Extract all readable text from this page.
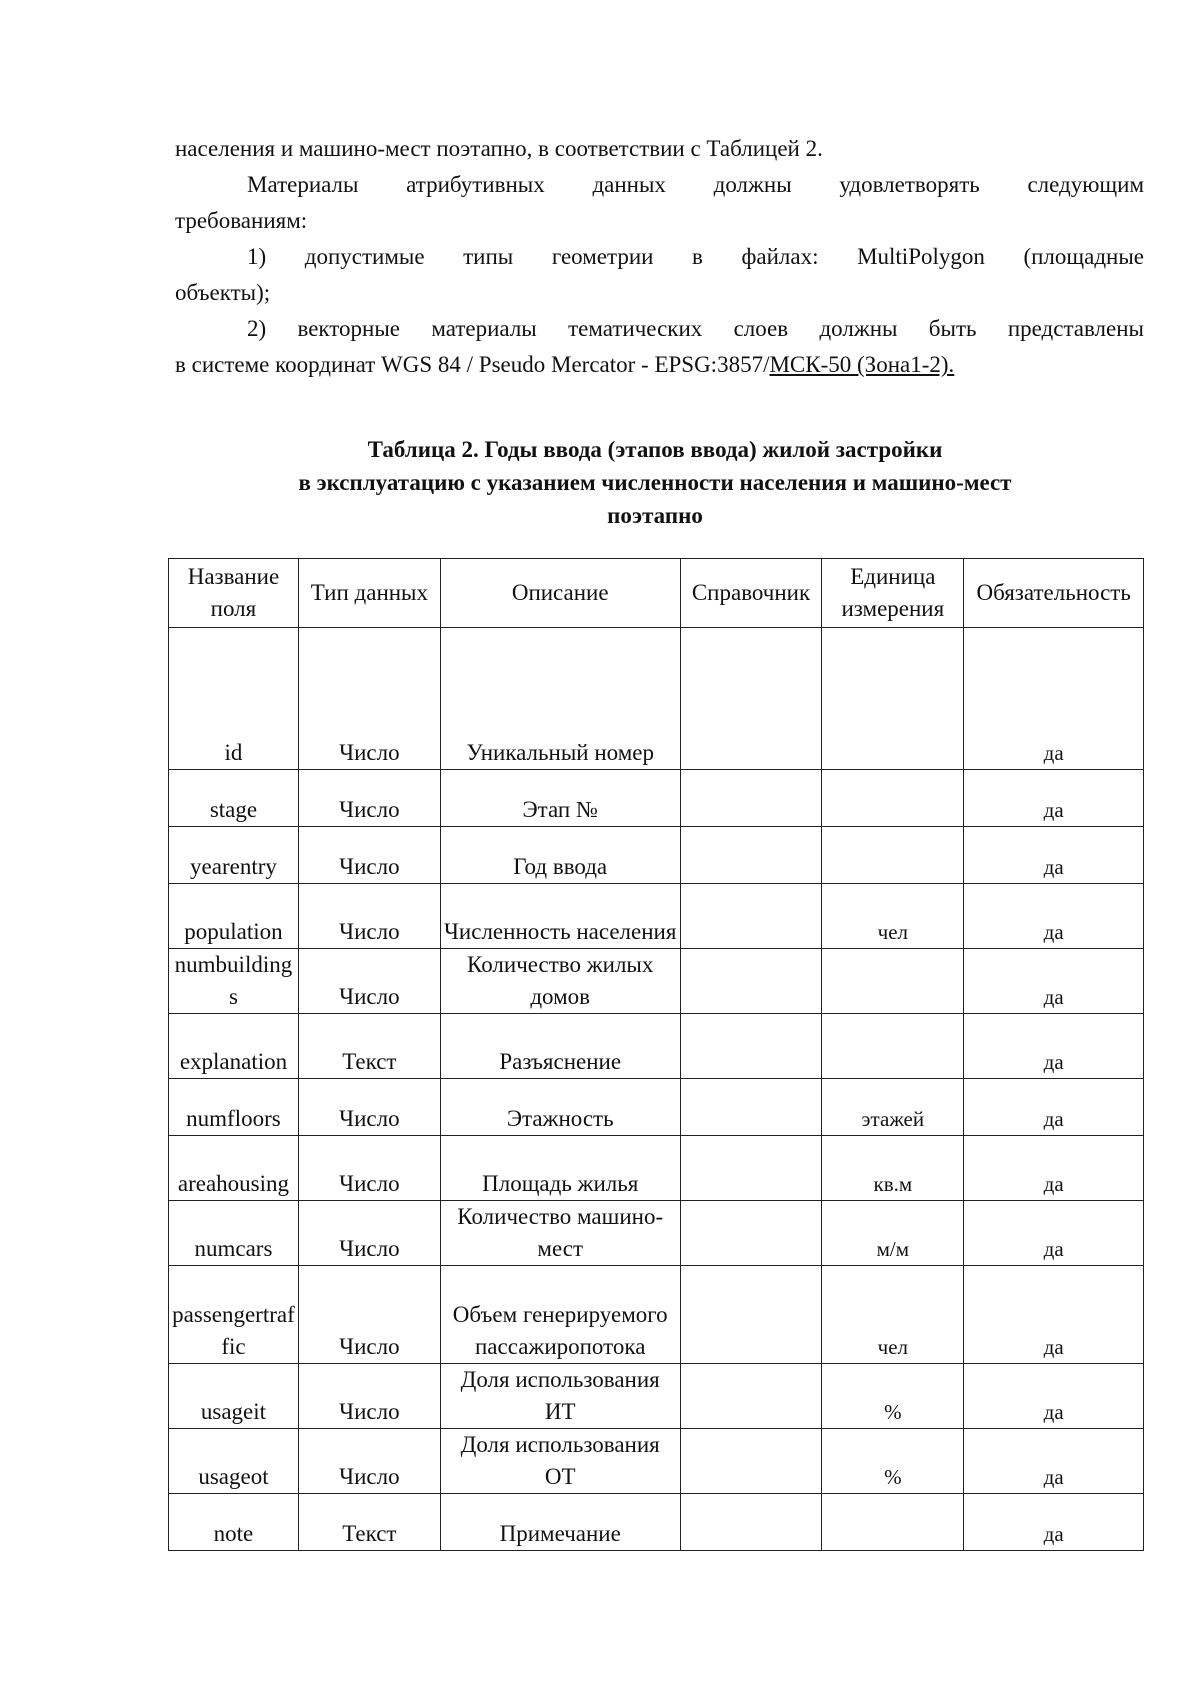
населения и машино-мест поэтапно, в соответствии с Таблицей 2.

Материалы атрибутивных данных должны удовлетворять следующим

требованиям:

1) допустимые типы геометрии в файлах: MultiPolygon (площадные

объекты);

2) векторные материалы тематических слоев должны быть представлены

в системе координат WGS 84 / Pseudo Mercator - EPSG:3857/МСК-50 (Зона1-2).

Таблица 2. Годы ввода (этапов ввода) жилой застройки
в эксплуатацию с указанием численности населения и машино-мест
поэтапно
Название поля	Тип данных	Описание	Справочник	Единица измерения	Обязательность
id	Число	Уникальный номер			да
stage	Число	Этап №			да
yearentry	Число	Год ввода			да
population	Число	Численность населения		чел	да
numbuildings	Число	Количество жилых домов			да
explanation	Текст	Разъяснение			да
numfloors	Число	Этажность		этажей	да
areahousing	Число	Площадь жилья		кв.м	да
numcars	Число	Количество машино-мест		м/м	да
passengertraffic	Число	Объем генерируемого пассажиропотока		чел	да
usageit	Число	Доля использования ИТ		%	да
usageot	Число	Доля использования ОТ		%	да
note	Текст	Примечание			да
